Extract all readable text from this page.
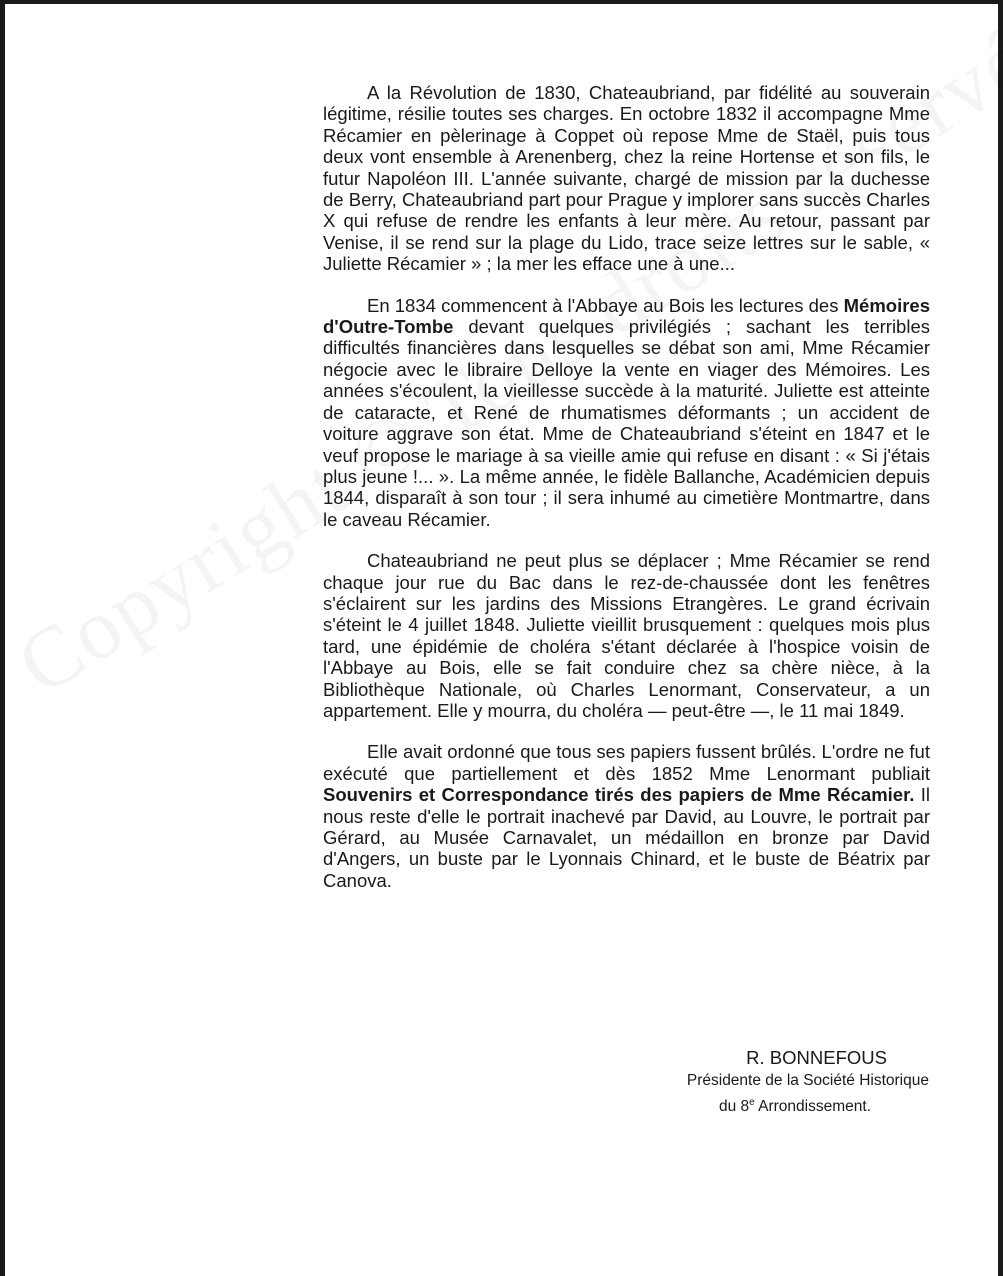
A la Révolution de 1830, Chateaubriand, par fidélité au souverain légitime, résilie toutes ses charges. En octobre 1832 il accompagne Mme Récamier en pèlerinage à Coppet où repose Mme de Staël, puis tous deux vont ensemble à Arenenberg, chez la reine Hortense et son fils, le futur Napoléon III. L'année suivante, chargé de mission par la duchesse de Berry, Chateaubriand part pour Prague y implorer sans succès Charles X qui refuse de rendre les enfants à leur mère. Au retour, passant par Venise, il se rend sur la plage du Lido, trace seize lettres sur le sable, « Juliette Récamier » ; la mer les efface une à une...

En 1834 commencent à l'Abbaye au Bois les lectures des Mémoires d'Outre-Tombe devant quelques privilégiés ; sachant les terribles difficultés financières dans lesquelles se débat son ami, Mme Récamier négocie avec le libraire Delloye la vente en viager des Mémoires. Les années s'écoulent, la vieillesse succède à la maturité. Juliette est atteinte de cataracte, et René de rhumatismes déformants ; un accident de voiture aggrave son état. Mme de Chateaubriand s'éteint en 1847 et le veuf propose le mariage à sa vieille amie qui refuse en disant : « Si j'étais plus jeune !... ». La même année, le fidèle Ballanche, Académicien depuis 1844, disparaît à son tour ; il sera inhumé au cimetière Montmartre, dans le caveau Récamier.

Chateaubriand ne peut plus se déplacer ; Mme Récamier se rend chaque jour rue du Bac dans le rez-de-chaussée dont les fenêtres s'éclairent sur les jardins des Missions Etrangères. Le grand écrivain s'éteint le 4 juillet 1848. Juliette vieillit brusquement : quelques mois plus tard, une épidémie de choléra s'étant déclarée à l'hospice voisin de l'Abbaye au Bois, elle se fait conduire chez sa chère nièce, à la Bibliothèque Nationale, où Charles Lenormant, Conservateur, a un appartement. Elle y mourra, du choléra — peut-être —, le 11 mai 1849.

Elle avait ordonné que tous ses papiers fussent brûlés. L'ordre ne fut exécuté que partiellement et dès 1852 Mme Lenormant publiait Souvenirs et Correspondance tirés des papiers de Mme Récamier. Il nous reste d'elle le portrait inachevé par David, au Louvre, le portrait par Gérard, au Musée Carnavalet, un médaillon en bronze par David d'Angers, un buste par le Lyonnais Chinard, et le buste de Béatrix par Canova.

R. BONNEFOUS
Présidente de la Société Historique
du 8e Arrondissement.
